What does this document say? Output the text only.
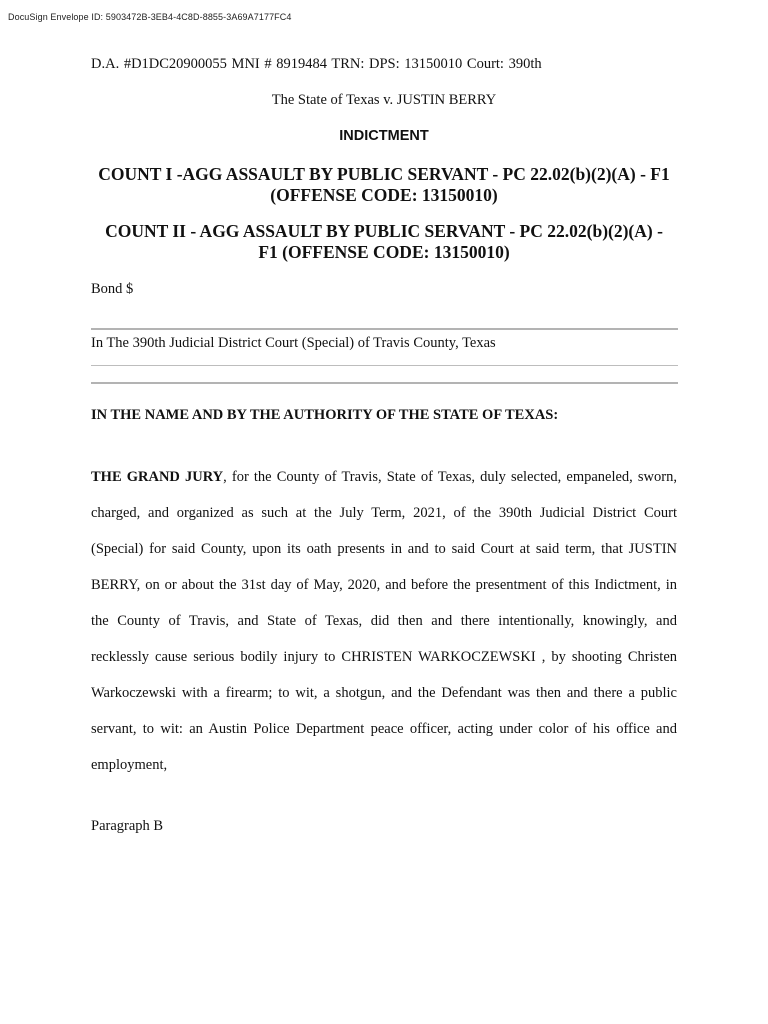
DocuSign Envelope ID: 5903472B-3EB4-4C8D-8855-3A69A7177FC4
D.A. #D1DC20900055 MNI # 8919484 TRN: DPS: 13150010 Court: 390th
The State of Texas v. JUSTIN BERRY
INDICTMENT
COUNT I -AGG ASSAULT BY PUBLIC SERVANT - PC 22.02(b)(2)(A) - F1
(OFFENSE CODE: 13150010)
COUNT II - AGG ASSAULT BY PUBLIC SERVANT - PC 22.02(b)(2)(A) -
F1 (OFFENSE CODE: 13150010)
Bond $
In The 390th Judicial District Court (Special) of Travis County, Texas
IN THE NAME AND BY THE AUTHORITY OF THE STATE OF TEXAS:
THE GRAND JURY, for the County of Travis, State of Texas, duly selected, empaneled, sworn,
charged, and organized as such at the July Term, 2021, of the 390th Judicial District Court
(Special) for said County, upon its oath presents in and to said Court at said term, that JUSTIN
BERRY, on or about the 31st day of May, 2020, and before the presentment of this Indictment, in
the County of Travis, and State of Texas, did then and there intentionally, knowingly, and
recklessly cause serious bodily injury to CHRISTEN WARKOCZEWSKI , by shooting Christen
Warkoczewski with a firearm; to wit, a shotgun, and the Defendant was then and there a public
servant, to wit: an Austin Police Department peace officer, acting under color of his office and
employment,
Paragraph B
